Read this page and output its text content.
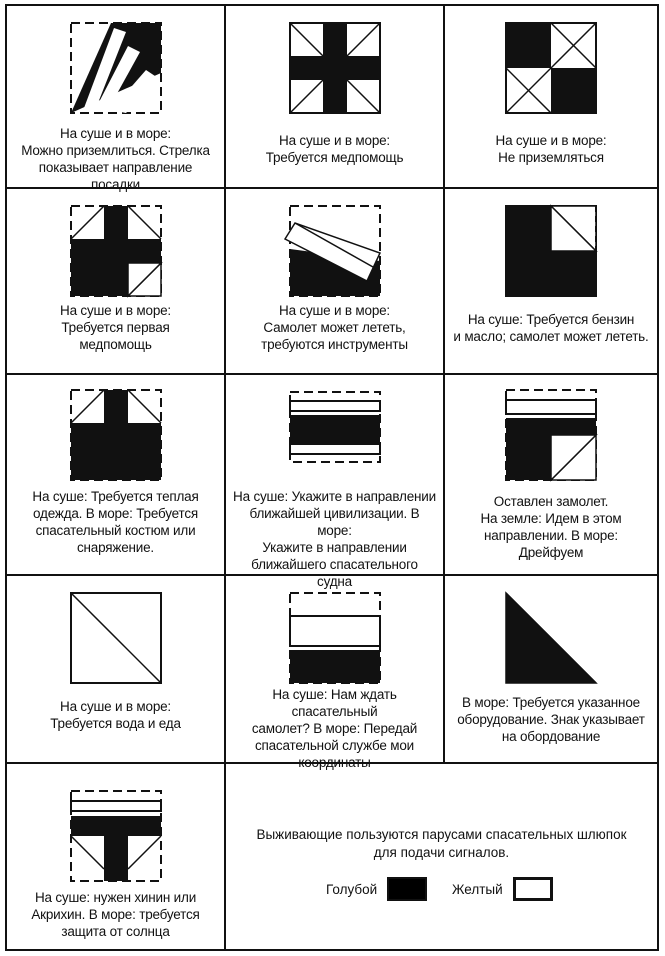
На суше и в море:
Можно приземлиться. Стрелка
показывает направление посадки
На суше и в море:
Требуется медпомощь
На суше и в море:
Не приземляться
На суше и в море:
Требуется первая
медпомощь
На суше и в море:
Самолет может лететь,
требуются инструменты
На суше: Требуется бензин
и масло; самолет может лететь.
На суше: Требуется теплая
одежда. В море: Требуется
спасательный костюм или
снаряжение.
На суше: Укажите в направлении
ближайшей цивилизации. В море:
Укажите в направлении
ближайшего спасательного судна
Оставлен замолет.
На земле: Идем в этом
направлении. В море:
Дрейфуем
На суше и в море:
Требуется вода и еда
На суше: Нам ждать спасательный
самолет? В море: Передай
спасательной службе мои
координаты
В море: Требуется указанное
оборудование. Знак указывает
на обордование
На суше: нужен хинин или
Акрихин. В море: требуется
защита от солнца
Выживающие пользуются парусами спасательных шлюпок
для подачи сигналов.
Голубой	Желтый
